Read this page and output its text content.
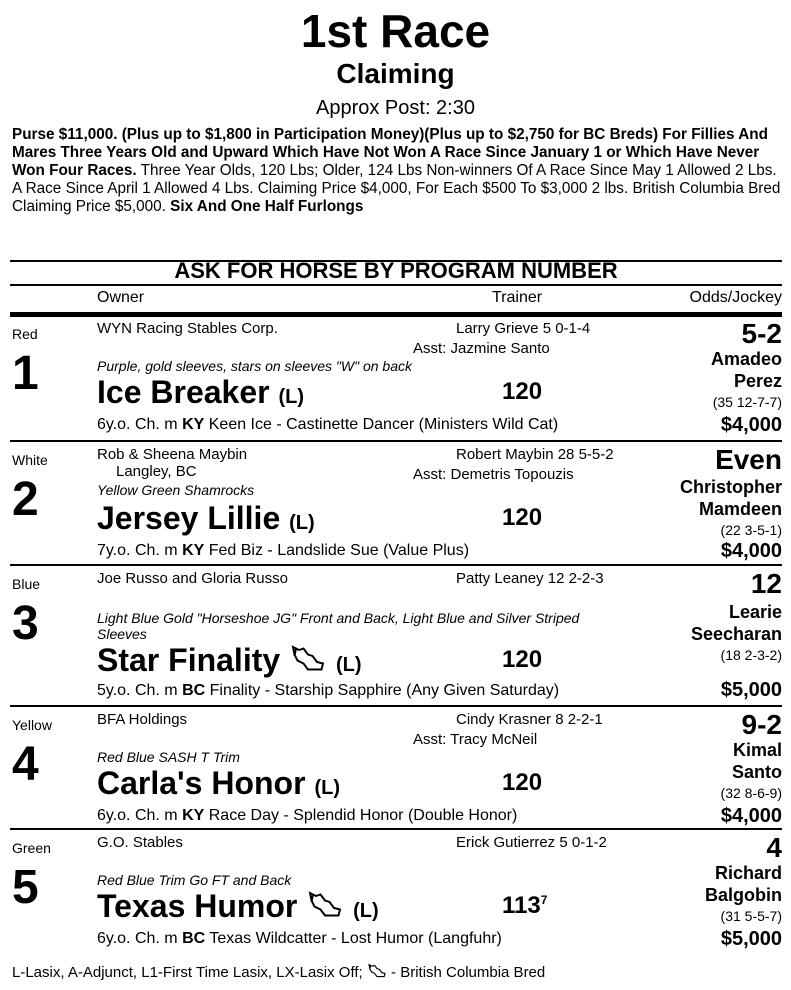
1st Race
Claiming
Approx Post: 2:30
Purse $11,000. (Plus up to $1,800 in Participation Money)(Plus up to $2,750 for BC Breds) For Fillies And Mares Three Years Old and Upward Which Have Not Won A Race Since January 1 or Which Have Never Won Four Races. Three Year Olds, 120 Lbs; Older, 124 Lbs Non-winners Of A Race Since May 1 Allowed 2 Lbs. A Race Since April 1 Allowed 4 Lbs. Claiming Price $4,000, For Each $500 To $3,000 2 lbs. British Columbia Bred Claiming Price $5,000. Six And One Half Furlongs
ASK FOR HORSE BY PROGRAM NUMBER
Owner	Trainer	Odds/Jockey
Red
1
WYN Racing Stables Corp.	Larry Grieve 5 0-1-4
Asst: Jazmine Santo
Purple, gold sleeves, stars on sleeves "W" on back
Ice Breaker (L)	120
6y.o. Ch. m KY Keen Ice - Castinette Dancer (Ministers Wild Cat)
5-2
Amadeo
Perez
(35 12-7-7)
$4,000
White
2
Rob & Sheena Maybin
Langley, BC
Robert Maybin 28 5-5-2
Asst: Demetris Topouzis
Yellow Green Shamrocks
Jersey Lillie (L)	120
7y.o. Ch. m KY Fed Biz - Landslide Sue (Value Plus)
Even
Christopher
Mamdeen
(22 3-5-1)
$4,000
Blue
3
Joe Russo and Gloria Russo	Patty Leaney 12 2-2-3
Light Blue Gold "Horseshoe JG" Front and Back, Light Blue and Silver Striped Sleeves
Star Finality	(L)	120
5y.o. Ch. m BC Finality - Starship Sapphire (Any Given Saturday)
12
Learie
Seecharan
(18 2-3-2)
$5,000
Yellow
4
BFA Holdings	Cindy Krasner 8 2-2-1
Asst: Tracy McNeil
Red Blue SASH T Trim
Carla's Honor (L)	120
6y.o. Ch. m KY Race Day - Splendid Honor (Double Honor)
9-2
Kimal
Santo
(32 8-6-9)
$4,000
Green
5
G.O. Stables	Erick Gutierrez 5 0-1-2
Red Blue Trim Go FT and Back
Texas Humor	(L)	$113^7$
6y.o. Ch. m BC Texas Wildcatter - Lost Humor (Langfuhr)
4
Richard
Balgobin
(31 5-5-7)
$5,000
L-Lasix, A-Adjunct, L1-First Time Lasix, LX-Lasix Off;  - British Columbia Bred
